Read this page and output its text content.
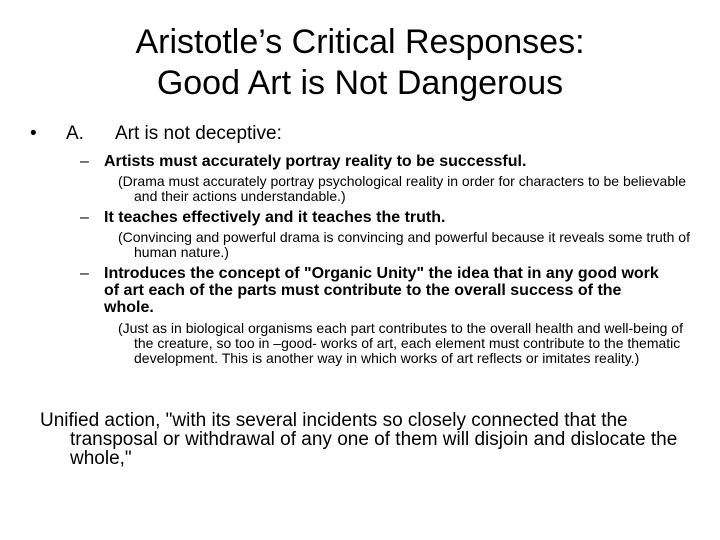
Aristotle’s Critical Responses:
Good Art is Not Dangerous
• A. Art is not deceptive:
– Artists must accurately portray reality to be successful.
(Drama must accurately portray psychological reality in order for characters to be believable and their actions understandable.)
– It teaches effectively and it teaches the truth.
(Convincing and powerful drama is convincing and powerful because it reveals some truth of human nature.)
– Introduces the concept of "Organic Unity" the idea that in any good work of art each of the parts must contribute to the overall success of the whole.
(Just as in biological organisms each part contributes to the overall health and well-being of the creature, so too in –good- works of art, each element must contribute to the thematic development. This is another way in which works of art reflects or imitates reality.)
Unified action, "with its several incidents so closely connected that the transposal or withdrawal of any one of them will disjoin and dislocate the whole,"
